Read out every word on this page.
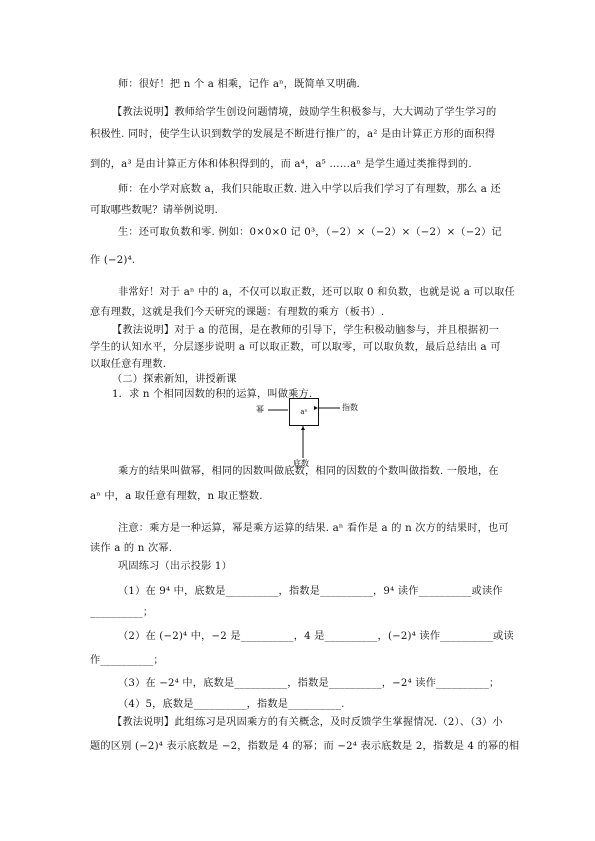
师：很好！把 n 个 a 相乘，记作 aⁿ，既简单又明确.
【教法说明】教师给学生创设问题情境，鼓励学生积极参与，大大调动了学生学习的
积极性. 同时，使学生认识到数学的发展是不断进行推广的，a² 是由计算正方形的面积得
到的，a³ 是由计算正方体和体积得到的，而 a⁴，a⁵ ……aⁿ 是学生通过类推得到的.
师：在小学对底数 a，我们只能取正数. 进入中学以后我们学习了有理数，那么 a 还
可取哪些数呢？请举例说明.
生：还可取负数和零. 例如：0×0×0 记 0³，（−2）×（−2）×（−2）×（−2）记
作 (−2)⁴.
非常好！对于 aⁿ 中的 a，不仅可以取正数，还可以取 0 和负数，也就是说 a 可以取任
意有理数，这就是我们今天研究的课题：有理数的乘方（板书）.
【教法说明】对于 a 的范围，是在教师的引导下，学生积极动脑参与，并且根据初一
学生的认知水平，分层逐步说明 a 可以取正数，可以取零，可以取负数，最后总结出 a 可
以取任意有理数.
（二）探索新知，讲授新课
1．求 n 个相同因数的积的运算，叫做乘方.
幂	aⁿ	指数
底数
乘方的结果叫做幂，相同的因数叫做底数，相同的因数的个数叫做指数. 一般地，在
aⁿ 中，a 取任意有理数，n 取正整数.
注意：乘方是一种运算，幂是乘方运算的结果. aⁿ 看作是 a 的 n 次方的结果时，也可
读作 a 的 n 次幂.
巩固练习（出示投影 1）
（1）在 9⁴ 中，底数是__________，指数是__________，9⁴ 读作__________或读作
__________；
（2）在 (−2)⁴ 中，−2 是__________，4 是__________，(−2)⁴ 读作__________或读
作__________；
（3）在 −2⁴ 中，底数是__________，指数是__________，−2⁴ 读作__________；
（4）5，底数是__________，指数是__________.
【教法说明】此组练习是巩固乘方的有关概念，及时反馈学生掌握情况.（2）、（3）小
题的区别 (−2)⁴ 表示底数是 −2，指数是 4 的幂；而 −2⁴ 表示底数是 2，指数是 4 的幂的相
